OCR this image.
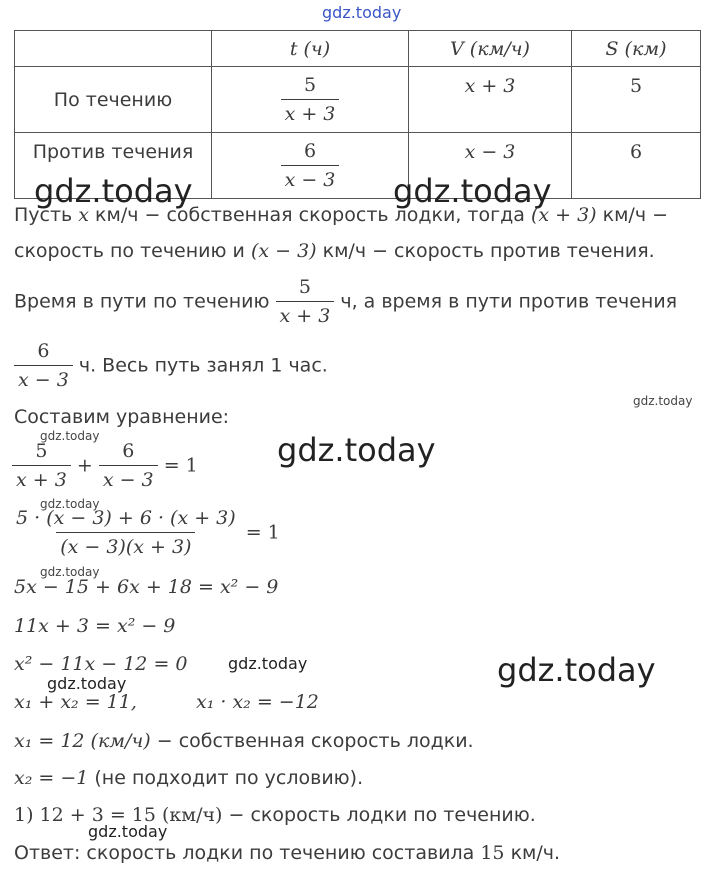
gdz.today
	t (ч)	V (км/ч)	S (км)
По течению	$\frac{5}{x + 3}$	x + 3	5
Против течения	$\frac{6}{x - 3}$	x − 3	6
gdz.today	gdz.today
Пусть x км/ч − собственная скорость лодки, тогда (x + 3) км/ч −
скорость по течению и (x − 3) км/ч − скорость против течения.
Время в пути по течению $\frac{5}{x + 3} ч$, а время в пути против течения
$\frac{6}{x - 3} ч$. Весь путь занял 1 час.
gdz.today
Составим уравнение:
gdz.today	gdz.today
$\frac{5}{x + 3} + \frac{6}{x - 3} = 1$
gdz.today
$\frac{5 \cdot (x - 3) + 6 \cdot (x + 3)}{(x - 3)(x + 3)} = 1$
gdz.today
5x − 15 + 6x + 18 = x² − 9
11x + 3 = x² − 9
x² − 11x − 12 = 0	gdz.today	gdz.today
gdz.today
x₁ + x₂ = 11,	x₁ · x₂ = −12
x₁ = 12 (км/ч) − собственная скорость лодки.
x₂ = −1 (не подходит по условию).
1) 12 + 3 = 15 (км/ч) − скорость лодки по течению.
gdz.today
Ответ: скорость лодки по течению составила 15 км/ч.
